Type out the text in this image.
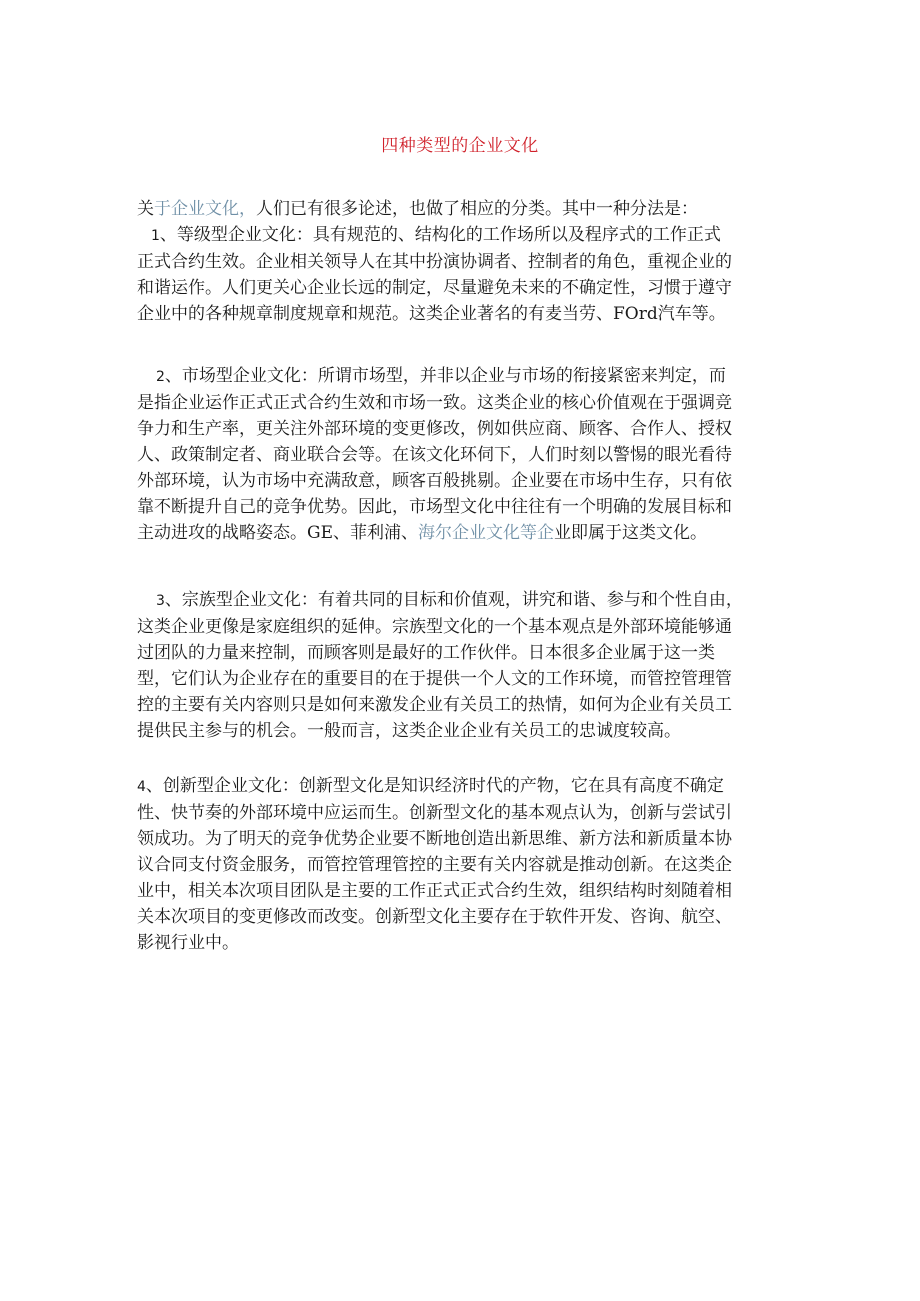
四种类型的企业文化
关于企业文化，人们已有很多论述，也做了相应的分类。其中一种分法是：
1、等级型企业文化：具有规范的、结构化的工作场所以及程序式的工作正式
正式合约生效。企业相关领导人在其中扮演协调者、控制者的角色，重视企业的
和谐运作。人们更关心企业长远的制定，尽量避免未来的不确定性，习惯于遵守
企业中的各种规章制度规章和规范。这类企业著名的有麦当劳、FOrd汽车等。
2、市场型企业文化：所谓市场型，并非以企业与市场的衔接紧密来判定，而
是指企业运作正式正式合约生效和市场一致。这类企业的核心价值观在于强调竞
争力和生产率，更关注外部环境的变更修改，例如供应商、顾客、合作人、授权
人、政策制定者、商业联合会等。在该文化环伺下，人们时刻以警惕的眼光看待
外部环境，认为市场中充满敌意，顾客百般挑剔。企业要在市场中生存，只有依
靠不断提升自己的竞争优势。因此，市场型文化中往往有一个明确的发展目标和
主动进攻的战略姿态。GE、菲利浦、海尔企业文化等企业即属于这类文化。
3、宗族型企业文化：有着共同的目标和价值观，讲究和谐、参与和个性自由，
这类企业更像是家庭组织的延伸。宗族型文化的一个基本观点是外部环境能够通
过团队的力量来控制，而顾客则是最好的工作伙伴。日本很多企业属于这一类
型，它们认为企业存在的重要目的在于提供一个人文的工作环境，而管控管理管
控的主要有关内容则只是如何来激发企业有关员工的热情，如何为企业有关员工
提供民主参与的机会。一般而言，这类企业企业有关员工的忠诚度较高。
4、创新型企业文化：创新型文化是知识经济时代的产物，它在具有高度不确定
性、快节奏的外部环境中应运而生。创新型文化的基本观点认为，创新与尝试引
领成功。为了明天的竞争优势企业要不断地创造出新思维、新方法和新质量本协
议合同支付资金服务，而管控管理管控的主要有关内容就是推动创新。在这类企
业中，相关本次项目团队是主要的工作正式正式合约生效，组织结构时刻随着相
关本次项目的变更修改而改变。创新型文化主要存在于软件开发、咨询、航空、
影视行业中。
